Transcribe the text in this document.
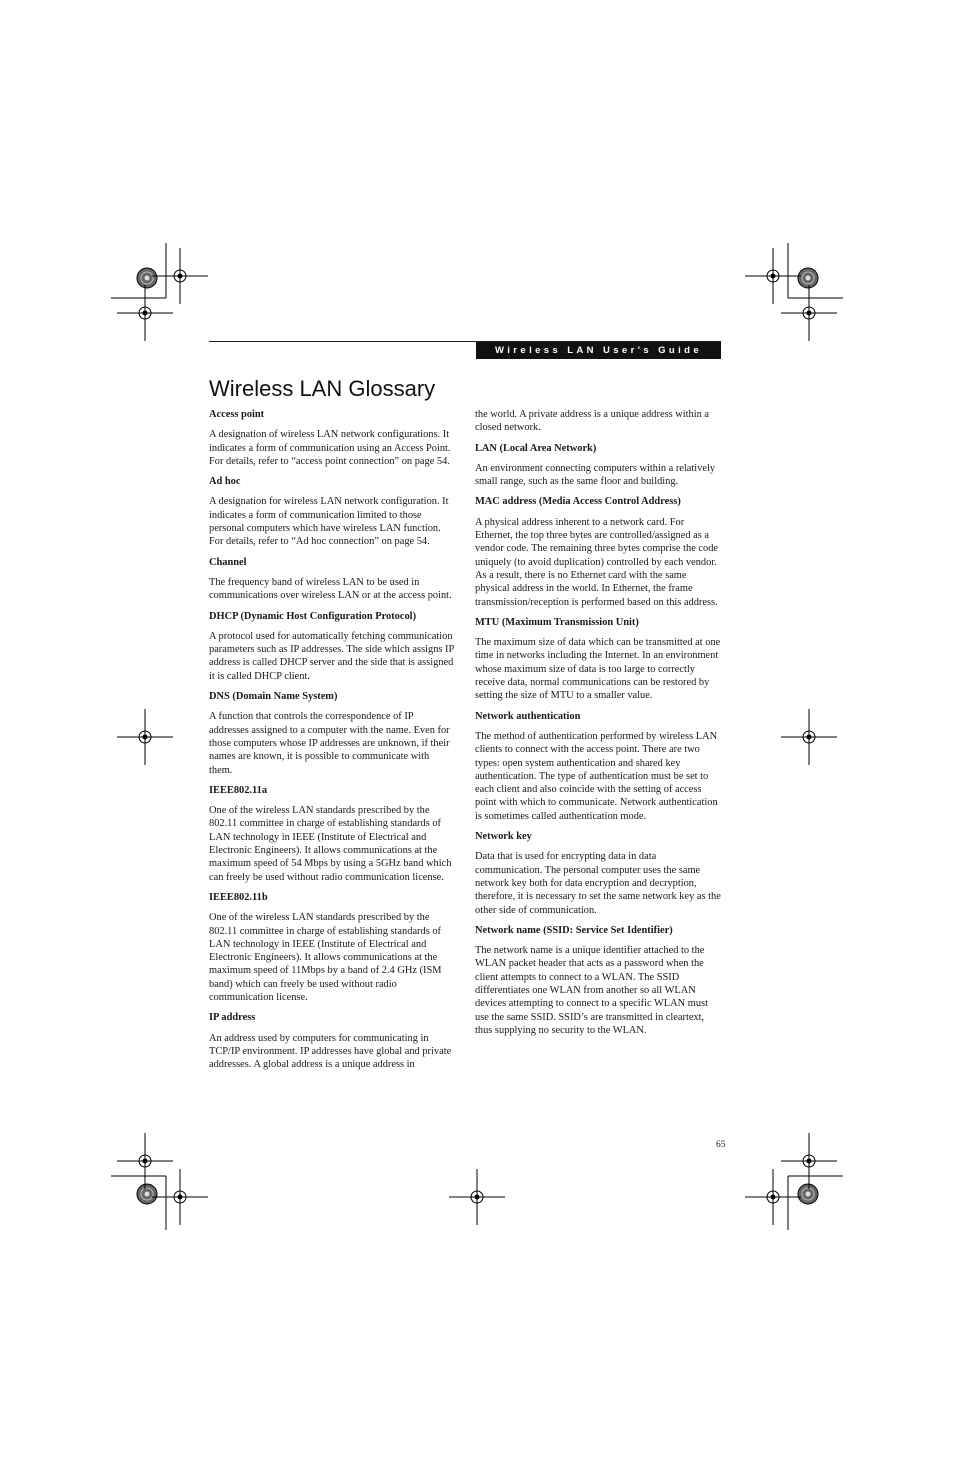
Wireless LAN User's Guide
Wireless LAN Glossary

Access point

A designation of wireless LAN network configurations. It indicates a form of communication using an Access Point. For details, refer to “access point connection” on page 54.

Ad hoc

A designation for wireless LAN network configuration. It indicates a form of communication limited to those personal computers which have wireless LAN function. For details, refer to “Ad hoc connection” on page 54.

Channel

The frequency band of wireless LAN to be used in communications over wireless LAN or at the access point.

DHCP (Dynamic Host Configuration Protocol)

A protocol used for automatically fetching communication parameters such as IP addresses. The side which assigns IP address is called DHCP server and the side that is assigned it is called DHCP client.

DNS (Domain Name System)

A function that controls the correspondence of IP addresses assigned to a computer with the name. Even for those computers whose IP addresses are unknown, if their names are known, it is possible to communicate with them.

IEEE802.11a

One of the wireless LAN standards prescribed by the 802.11 committee in charge of establishing standards of LAN technology in IEEE (Institute of Electrical and Electronic Engineers). It allows communications at the maximum speed of 54 Mbps by using a 5GHz band which can freely be used without radio communication license.

IEEE802.11b

One of the wireless LAN standards prescribed by the 802.11 committee in charge of establishing standards of LAN technology in IEEE (Institute of Electrical and Electronic Engineers). It allows communications at the maximum speed of 11Mbps by a band of 2.4 GHz (ISM band) which can freely be used without radio communication license.

IP address

An address used by computers for communicating in TCP/IP environment. IP addresses have global and private addresses. A global address is a unique address in

the world. A private address is a unique address within a closed network.

LAN (Local Area Network)

An environment connecting computers within a relatively small range, such as the same floor and building.

MAC address (Media Access Control Address)

A physical address inherent to a network card. For Ethernet, the top three bytes are controlled/assigned as a vendor code. The remaining three bytes comprise the code uniquely (to avoid duplication) controlled by each vendor. As a result, there is no Ethernet card with the same physical address in the world. In Ethernet, the frame transmission/reception is performed based on this address.

MTU (Maximum Transmission Unit)

The maximum size of data which can be transmitted at one time in networks including the Internet. In an environment whose maximum size of data is too large to correctly receive data, normal communications can be restored by setting the size of MTU to a smaller value.

Network authentication

The method of authentication performed by wireless LAN clients to connect with the access point. There are two types: open system authentication and shared key authentication. The type of authentication must be set to each client and also coincide with the setting of access point with which to communicate. Network authentication is sometimes called authentication mode.

Network key

Data that is used for encrypting data in data communication. The personal computer uses the same network key both for data encryption and decryption, therefore, it is necessary to set the same network key as the other side of communication.

Network name (SSID: Service Set Identifier)

The network name is a unique identifier attached to the WLAN packet header that acts as a password when the client attempts to connect to a WLAN. The SSID differentiates one WLAN from another so all WLAN devices attempting to connect to a specific WLAN must use the same SSID. SSID’s are transmitted in cleartext, thus supplying no security to the WLAN.

65
